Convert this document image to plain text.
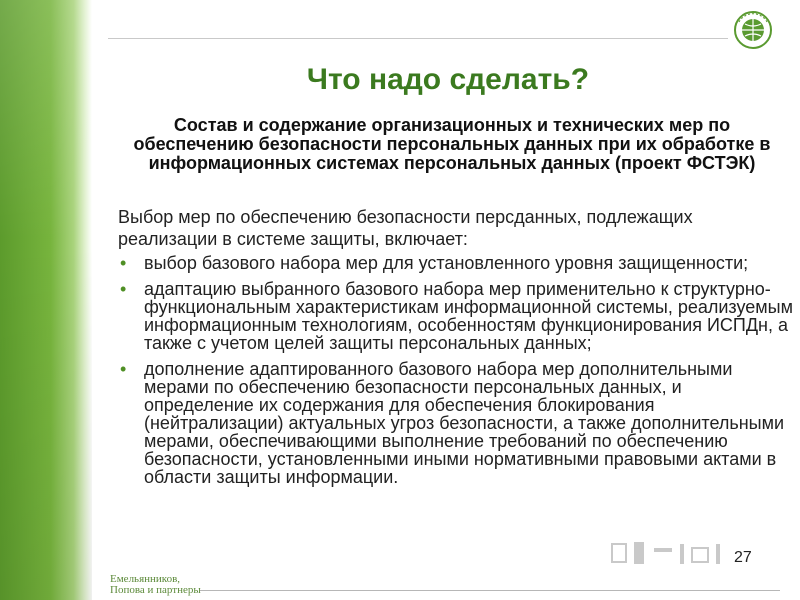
Что надо сделать?

Состав и содержание организационных и технических мер по обеспечению безопасности персональных данных при их обработке в информационных системах персональных данных (проект ФСТЭК)

Выбор мер по обеспечению безопасности персданных, подлежащих реализации в системе защиты, включает:

• выбор базового набора мер для установленного уровня защищенности;
• адаптацию выбранного базового набора мер применительно к структурно-функциональным характеристикам информационной системы, реализуемым информационным технологиям, особенностям функционирования ИСПДн, а также с учетом целей защиты персональных данных;
• дополнение адаптированного базового набора мер дополнительными мерами по обеспечению безопасности персональных данных, и определение их содержания для обеспечения блокирования (нейтрализации) актуальных угроз безопасности, а также дополнительными мерами, обеспечивающими выполнение требований по обеспечению безопасности, установленными иными нормативными правовыми актами в области защиты информации.
27
Емельянников,
Попова и партнеры
